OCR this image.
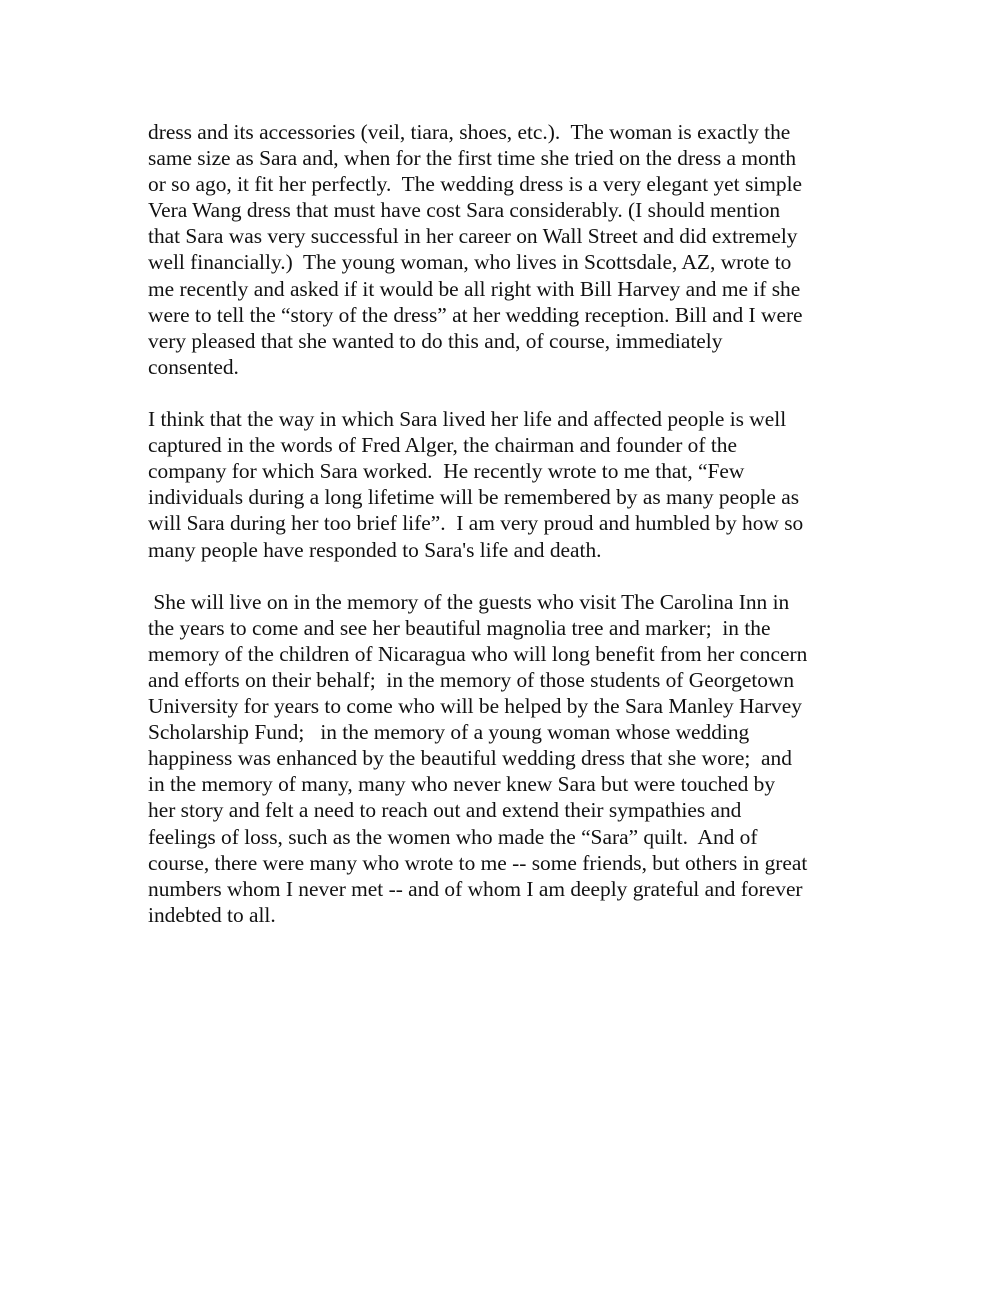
dress and its accessories (veil, tiara, shoes, etc.).  The woman is exactly the
same size as Sara and, when for the first time she tried on the dress a month
or so ago, it fit her perfectly.  The wedding dress is a very elegant yet simple
Vera Wang dress that must have cost Sara considerably. (I should mention
that Sara was very successful in her career on Wall Street and did extremely
well financially.)  The young woman, who lives in Scottsdale, AZ, wrote to
me recently and asked if it would be all right with Bill Harvey and me if she
were to tell the “story of the dress” at her wedding reception. Bill and I were
very pleased that she wanted to do this and, of course, immediately
consented.

I think that the way in which Sara lived her life and affected people is well
captured in the words of Fred Alger, the chairman and founder of the
company for which Sara worked.  He recently wrote to me that, “Few
individuals during a long lifetime will be remembered by as many people as
will Sara during her too brief life”.  I am very proud and humbled by how so
many people have responded to Sara's life and death.

She will live on in the memory of the guests who visit The Carolina Inn in
the years to come and see her beautiful magnolia tree and marker;  in the
memory of the children of Nicaragua who will long benefit from her concern
and efforts on their behalf;  in the memory of those students of Georgetown
University for years to come who will be helped by the Sara Manley Harvey
Scholarship Fund;   in the memory of a young woman whose wedding
happiness was enhanced by the beautiful wedding dress that she wore;  and
in the memory of many, many who never knew Sara but were touched by
her story and felt a need to reach out and extend their sympathies and
feelings of loss, such as the women who made the “Sara” quilt.  And of
course, there were many who wrote to me -- some friends, but others in great
numbers whom I never met -- and of whom I am deeply grateful and forever
indebted to all.
